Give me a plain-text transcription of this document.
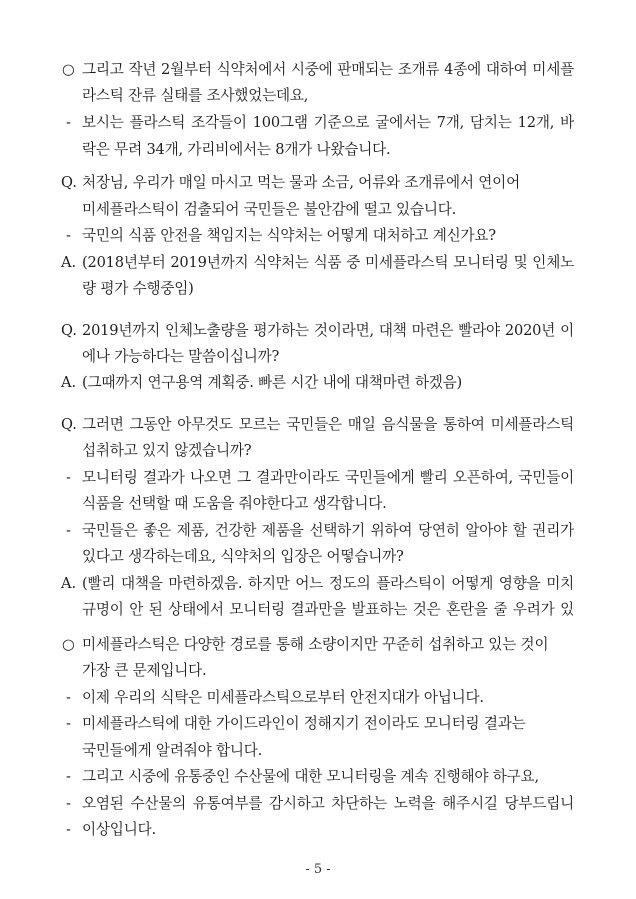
○ 그리고 작년 2월부터 식약처에서 시중에 판매되는 조개류 4종에 대하여 미세플
라스틱 잔류 실태를 조사했었는데요,
- 보시는 플라스틱 조각들이 100그램 기준으로 굴에서는 7개, 담치는 12개, 바
락은 무려 34개, 가리비에서는 8개가 나왔습니다.
Q. 처장님, 우리가 매일 마시고 먹는 물과 소금, 어류와 조개류에서 연이어
미세플라스틱이 검출되어 국민들은 불안감에 떨고 있습니다.
- 국민의 식품 안전을 책임지는 식약처는 어떻게 대처하고 계신가요?
A. (2018년부터 2019년까지 식약처는 식품 중 미세플라스틱 모니터링 및 인체노
량 평가 수행중임)
Q. 2019년까지 인체노출량을 평가하는 것이라면, 대책 마련은 빨라야 2020년 이
에나 가능하다는 말씀이십니까?
A. (그때까지 연구용역 계획중. 빠른 시간 내에 대책마련 하겠음)
Q. 그러면 그동안 아무것도 모르는 국민들은 매일 음식물을 통하여 미세플라스틱
섭취하고 있지 않겠습니까?
- 모니터링 결과가 나오면 그 결과만이라도 국민들에게 빨리 오픈하여, 국민들이
식품을 선택할 때 도움을 줘야한다고 생각합니다.
- 국민들은 좋은 제품, 건강한 제품을 선택하기 위하여 당연히 알아야 할 권리가
있다고 생각하는데요, 식약처의 입장은 어떻습니까?
A. (빨리 대책을 마련하겠음. 하지만 어느 정도의 플라스틱이 어떻게 영향을 미치
규명이 안 된 상태에서 모니터링 결과만을 발표하는 것은 혼란을 줄 우려가 있
○ 미세플라스틱은 다양한 경로를 통해 소량이지만 꾸준히 섭취하고 있는 것이
가장 큰 문제입니다.
- 이제 우리의 식탁은 미세플라스틱으로부터 안전지대가 아닙니다.
- 미세플라스틱에 대한 가이드라인이 정해지기 전이라도 모니터링 결과는
국민들에게 알려줘야 합니다.
- 그리고 시중에 유통중인 수산물에 대한 모니터링을 계속 진행해야 하구요,
- 오염된 수산물의 유통여부를 감시하고 차단하는 노력을 해주시길 당부드립니
- 이상입니다.
- 5 -
